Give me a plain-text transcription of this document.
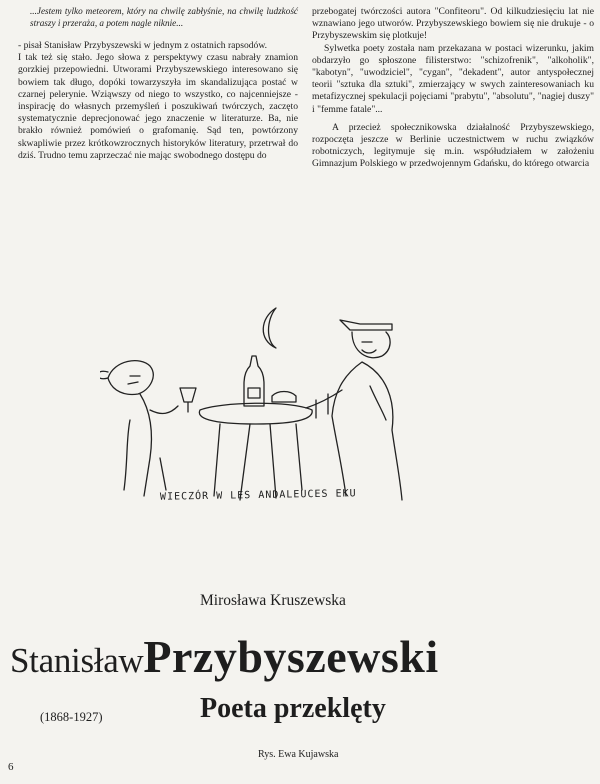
...Jestem tylko meteorem, który na chwilę zabłyśnie, na chwilę ludzkość straszy i przeraża, a potem nagle niknie...

- pisał Stanisław Przybyszewski w jednym z ostatnich rapsodów.

I tak też się stało. Jego słowa z perspektywy czasu nabrały znamion gorzkiej przepowiedni. Utworami Przybyszewskiego interesowano się bowiem tak długo, dopóki towarzyszyła im skandalizująca postać w czarnej pelerynie. Wziąwszy od niego to wszystko, co najcenniejsze - inspirację do własnych przemyśleń i poszukiwań twórczych, zaczęto systematycznie deprecjonować jego znaczenie w literaturze. Ba, nie brakło również pomówień o grafomanię. Sąd ten, powtórzony skwapliwie przez krótkowzrocznych historyków literatury, przetrwał do dziś. Trudno temu zaprzeczać nie mając swobodnego dostępu do

przebogatej twórczości autora "Confiteoru". Od kilkudziesięciu lat nie wznawiano jego utworów. Przybyszewskiego bowiem się nie drukuje - o Przybyszewskim się plotkuje!

Sylwetka poety została nam przekazana w postaci wizerunku, jakim obdarzyło go spłoszone filisterstwo: "schizofrenik", "alkoholik", "kabotyn", "uwodziciel", "cygan", "dekadent", autor antyspołecznej teorii "sztuka dla sztuki", zmierzający w swych zainteresowaniach ku metafizycznej spekulacji pojęciami "prabytu", "absolutu", "nagiej duszy" i "femme fatale"...

A przecież społecznikowska działalność Przybyszewskiego, rozpoczęta jeszcze w Berlinie uczestnictwem w ruchu związków robotniczych, legitymuje się m.in. współudziałem w założeniu Gimnazjum Polskiego w przedwojennym Gdańsku, do którego otwarcia

WIECZÓR W LES ANDALEUCES EKU
Mirosława Kruszewska
StanisławPrzybyszewski
(1868-1927)	Poeta przeklęty
Rys. Ewa Kujawska
6
